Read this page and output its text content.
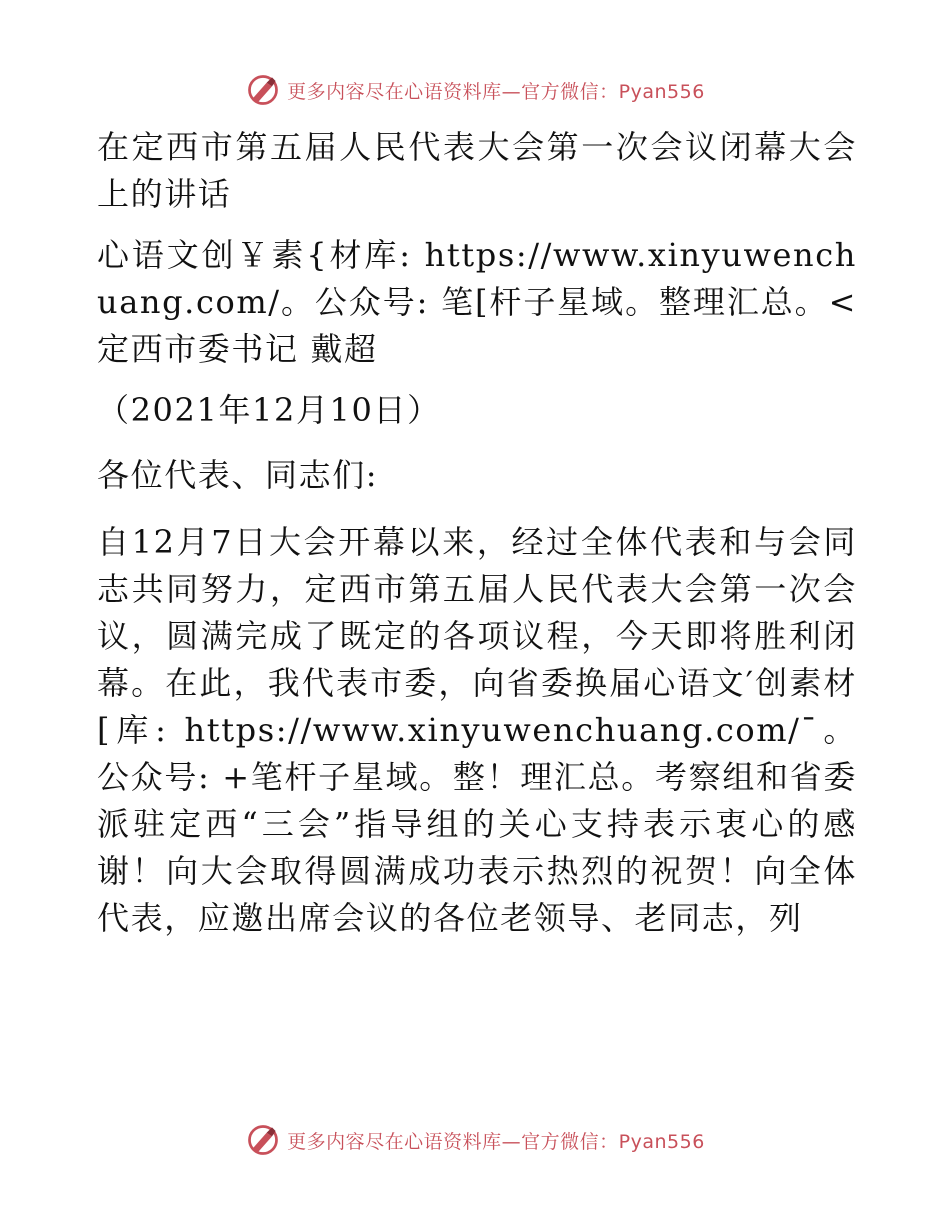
更多内容尽在心语资料库—官方微信：Pyan556

在定西市第五届人民代表大会第一次会议闭幕大会上的讲话

心语文创￥素{材库: https://www.xinyuwenchuang.com/。公众号: 笔[杆子星域。整理汇总。<定西市委书记 戴超

（2021年12月10日）

各位代表、同志们:

自12月7日大会开幕以来，经过全体代表和与会同志共同努力，定西市第五届人民代表大会第一次会议，圆满完成了既定的各项议程，今天即将胜利闭幕。在此，我代表市委，向省委换届心语文′创素材[库: https://www.xinyuwenchuang.com/¯。公众号: +笔杆子星域。整！理汇总。考察组和省委派驻定西“三会”指导组的关心支持表示衷心的感谢！向大会取得圆满成功表示热烈的祝贺！向全体代表，应邀出席会议的各位老领导、老同志，列

更多内容尽在心语资料库—官方微信：Pyan556
